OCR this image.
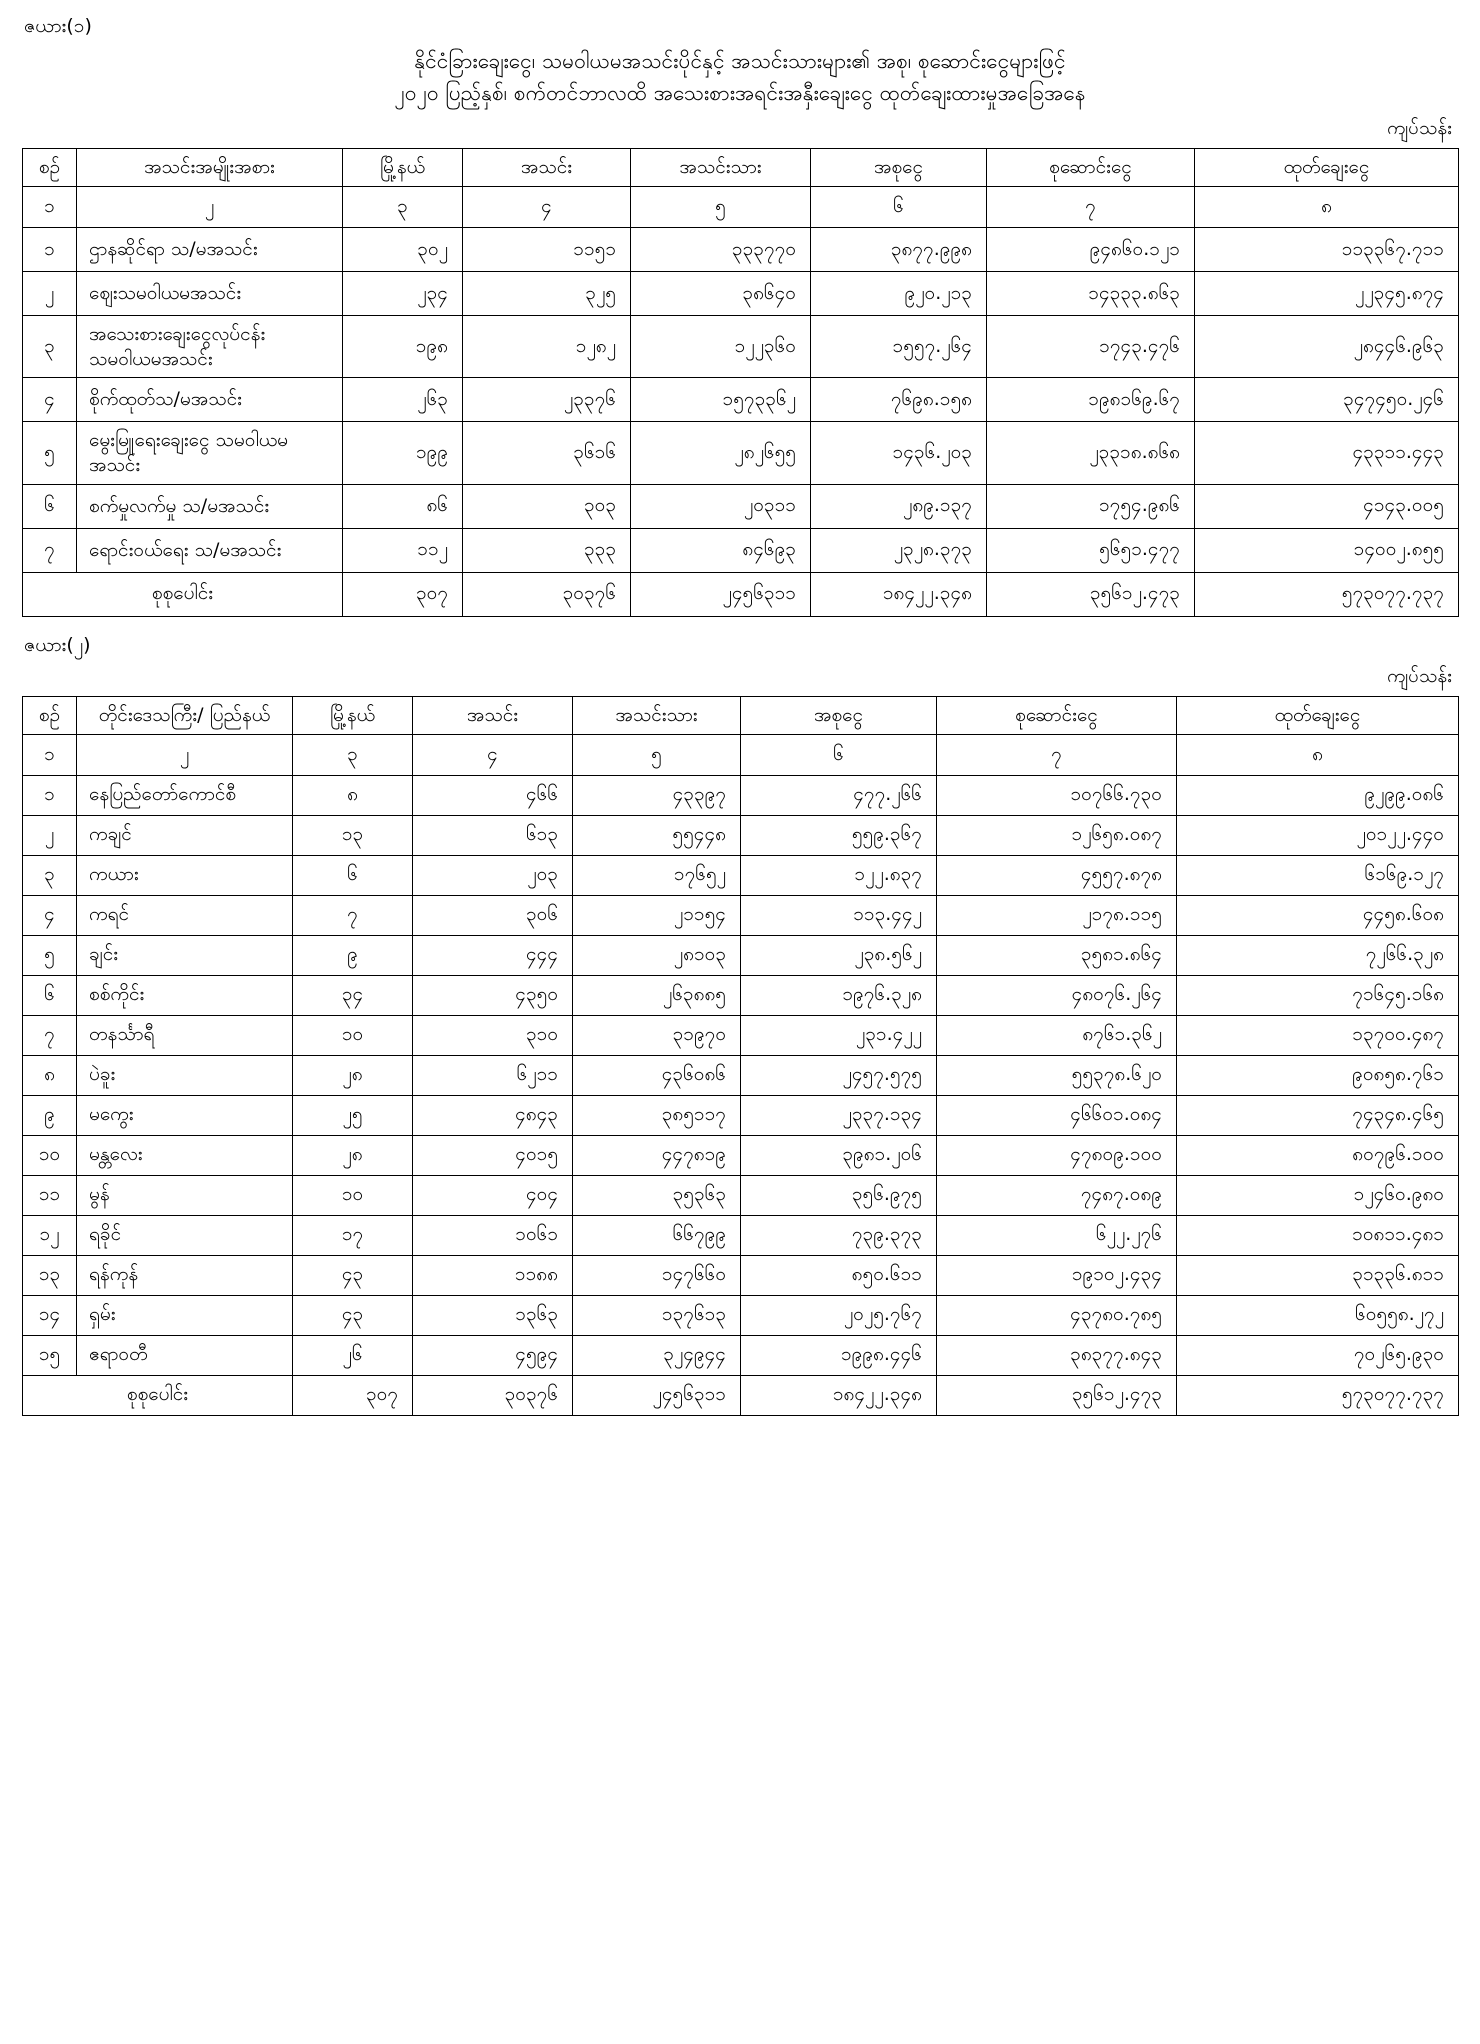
ဇယား(၁)
နိုင်ငံခြားချေးငွေ၊ သမဝါယမအသင်းပိုင်နှင့် အသင်းသားများ၏ အစု၊ စုဆောင်းငွေများဖြင့်
၂၀၂၀ ပြည့်နှစ်၊ စက်တင်ဘာလထိ အသေးစားအရင်းအနှီးချေးငွေ ထုတ်ချေးထားမှုအခြေအနေ
ကျပ်သန်း
စဉ်	အသင်းအမျိုးအစား	မြို့နယ်	အသင်း	အသင်းသား	အစုငွေ	စုဆောင်းငွေ	ထုတ်ချေးငွေ
၁	၂	၃	၄	၅	၆	၇	၈
၁	ဌာနဆိုင်ရာ သ/မအသင်း	၃၀၂	၁၁၅၁	၃၃၃၇၇၀	၃၈၇၇.၉၉၈	၉၄၈၆၀.၁၂၁	၁၁၃၃၆၇.၇၁၁
၂	ဈေးသမဝါယမအသင်း	၂၃၄	၃၂၅	၃၈၆၄၀	၉၂၀.၂၁၃	၁၄၃၃၃.၈၆၃	၂၂၃၄၅.၈၇၄
၃	အသေးစားချေးငွေလုပ်ငန်းသမဝါယမအသင်း	၁၉၈	၁၂၈၂	၁၂၂၃၆၀	၁၅၅၇.၂၆၄	၁၇၄၃.၄၇၆	၂၈၄၄၆.၉၆၃
၄	စိုက်ထုတ်သ/မအသင်း	၂၆၃	၂၃၃၇၆	၁၅၇၃၃၆၂	၇၆၉၈.၁၅၈	၁၉၈၁၆၉.၆၇	၃၄၇၄၅၀.၂၄၆
၅	မွေးမြူရေးချေးငွေ သမဝါယမအသင်း	၁၉၉	၃၆၁၆	၂၈၂၆၅၅	၁၄၃၆.၂၀၃	၂၃၃၁၈.၈၆၈	၄၃၃၁၁.၄၄၃
၆	စက်မှုလက်မှု သ/မအသင်း	၈၆	၃၀၃	၂၀၃၁၁	၂၈၉.၁၃၇	၁၇၅၄.၉၈၆	၄၁၄၃.၀၀၅
၇	ရောင်းဝယ်ရေး သ/မအသင်း	၁၁၂	၃၃၃	၈၄၆၉၃	၂၃၂၈.၃၇၃	၅၆၅၁.၄၇၇	၁၄၀၀၂.၈၅၅
စုစုပေါင်း		၃၀၇	၃၀၃၇၆	၂၄၅၆၃၁၁	၁၈၄၂၂.၃၄၈	၃၅၆၁၂.၄၇၃	၅၇၃၀၇၇.၇၃၇
ဇယား(၂)
ကျပ်သန်း
စဉ်	တိုင်းဒေသကြီး/ ပြည်နယ်	မြို့နယ်	အသင်း	အသင်းသား	အစုငွေ	စုဆောင်းငွေ	ထုတ်ချေးငွေ
၁	၂	၃	၄	၅	၆	၇	၈
၁	နေပြည်တော်ကောင်စီ	၈	၄၆၆	၄၃၃၉၇	၄၇၇.၂၆၆	၁၀၇၆၆.၇၃၀	၉၂၉၉.၀၈၆
၂	ကချင်	၁၃	၆၁၃	၅၅၄၄၈	၅၅၉.၃၆၇	၁၂၆၅၈.၀၈၇	၂၀၁၂၂.၄၄၀
၃	ကယား	၆	၂၀၃	၁၇၆၅၂	၁၂၂.၈၃၇	၄၅၅၇.၈၇၈	၆၁၆၉.၁၂၇
၄	ကရင်	၇	၃၀၆	၂၁၁၅၄	၁၁၃.၄၄၂	၂၁၇၈.၁၁၅	၄၄၅၈.၆၀၈
၅	ချင်း	၉	၄၄၄	၂၈၁၀၃	၂၃၈.၅၆၂	၃၅၈၁.၈၆၄	၇၂၆၆.၃၂၈
၆	စစ်ကိုင်း	၃၄	၄၃၅၀	၂၆၃၈၈၅	၁၉၇၆.၃၂၈	၄၈၀၇၆.၂၆၄	၇၁၆၄၅.၁၆၈
၇	တနင်္သာရီ	၁၀	၃၁၀	၃၁၉၇၀	၂၃၁.၄၂၂	၈၇၆၁.၃၆၂	၁၃၇၀၀.၄၈၇
၈	ပဲခူး	၂၈	၆၂၁၁	၄၃၆၀၈၆	၂၄၅၇.၅၇၅	၅၅၃၇၈.၆၂၀	၉၀၈၅၈.၇၆၁
၉	မကွေး	၂၅	၄၈၄၃	၃၈၅၁၁၇	၂၃၃၇.၁၃၄	၄၆၆၀၁.၀၈၄	၇၄၃၄၈.၄၆၅
၁၀	မန္တလေး	၂၈	၄၀၁၅	၄၄၇၈၁၉	၃၉၈၁.၂၀၆	၄၇၈၀၉.၁၀၀	၈၀၇၉၆.၁၀၀
၁၁	မွန်	၁၀	၄၀၄	၃၅၃၆၃	၃၅၆.၉၇၅	၇၄၈၇.၀၈၉	၁၂၄၆၀.၉၈၀
၁၂	ရခိုင်	၁၇	၁၀၆၁	၆၆၇၉၉	၇၃၉.၃၇၃	၆၂၂.၂၇၆	၁၀၈၁၁.၄၈၁
၁၃	ရန်ကုန်	၄၃	၁၁၈၈	၁၄၇၆၆၀	၈၅၀.၆၁၁	၁၉၁၀၂.၄၃၄	၃၁၃၃၆.၈၁၁
၁၄	ရှမ်း	၄၃	၁၃၆၃	၁၃၇၆၁၃	၂၀၂၅.၇၆၇	၄၃၇၈၀.၇၈၅	၆၀၅၅၈.၂၇၂
၁၅	ဧရာဝတီ	၂၆	၄၅၉၄	၃၂၄၉၄၄	၁၉၉၈.၄၄၆	၃၈၃၇၇.၈၄၃	၇၀၂၆၅.၉၃၀
စုစုပေါင်း		၃၀၇	၃၀၃၇၆	၂၄၅၆၃၁၁	၁၈၄၂၂.၃၄၈	၃၅၆၁၂.၄၇၃	၅၇၃၀၇၇.၇၃၇
